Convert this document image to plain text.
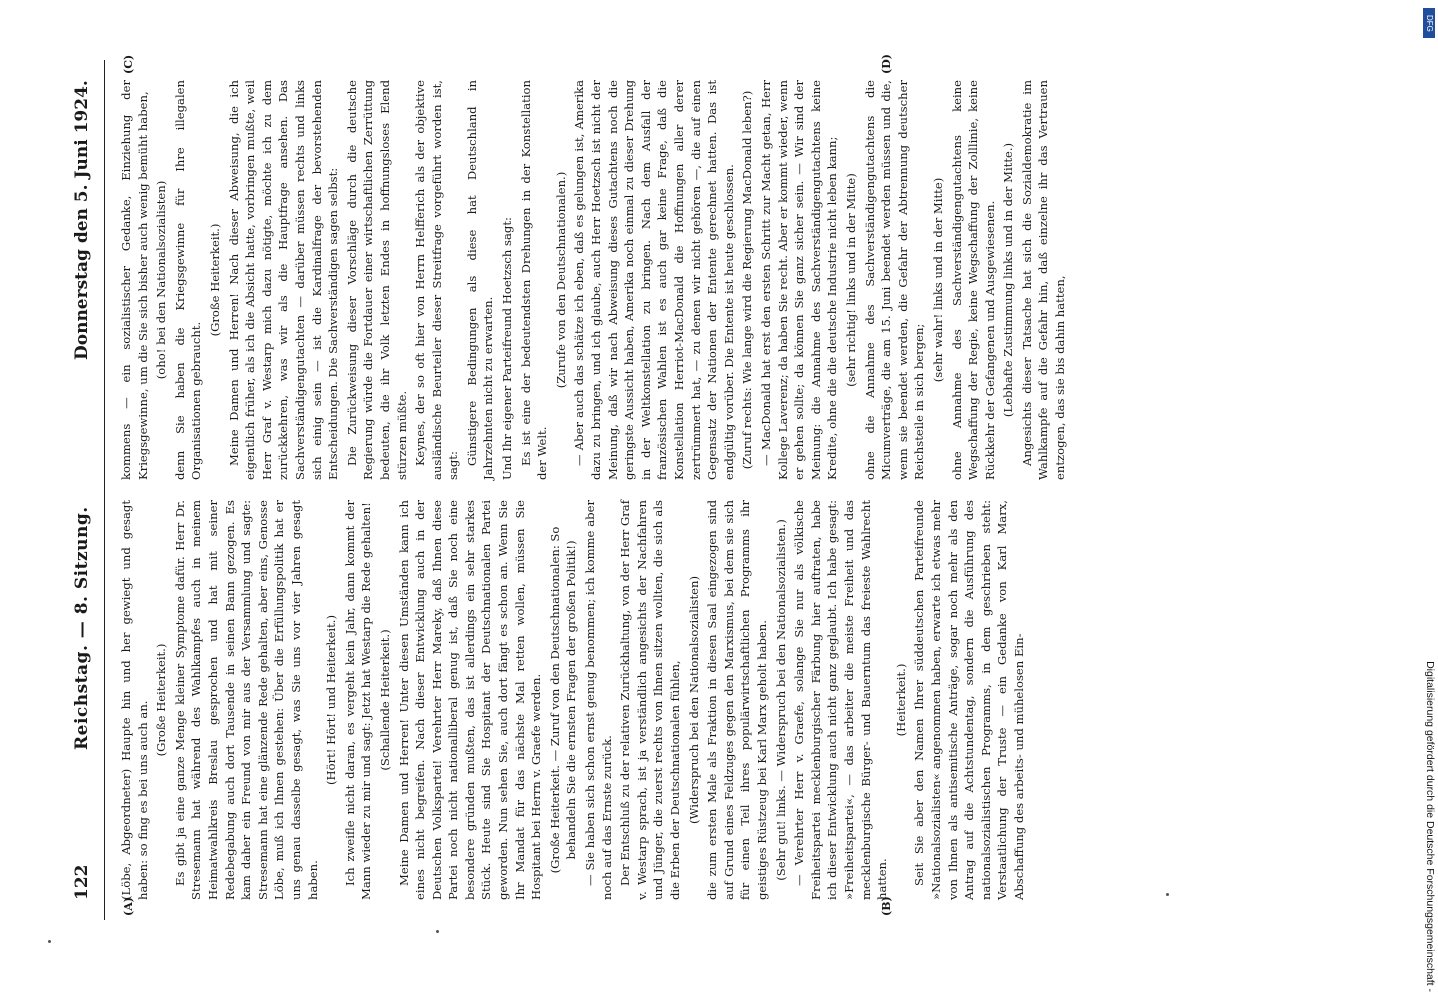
122
Reichstag. — 8. Sitzung.
Donnerstag den 5. Juni 1924.
(A)	(B)
(C)	(D)

(Löbe, Abgeordneter) Haupte hin und her gewiegt und gesagt haben: so fing es bei uns auch an.

(Große Heiterkeit.) Es gibt ja eine ganze Menge kleiner Symptome dafür. Herr Dr. Stresemann hat während des Wahlkampfes auch in meinem Heimatwahlkreis Breslau gesprochen und hat mit seiner Redebegabung auch dort Tausende in seinen Bann gezogen. Es kam daher ein Freund von mir aus der Versammlung und sagte: Stresemann hat eine glänzende Rede gehalten, aber eins, Genosse Löbe, muß ich Ihnen gestehen: Über die Erfüllungspolitik hat er uns genau dasselbe gesagt, was Sie uns vor vier Jahren gesagt haben.

(Hört! Hört! und Heiterkeit.) Ich zweifle nicht daran, es vergeht kein Jahr, dann kommt der Mann wieder zu mir und sagt: Jetzt hat Westarp die Rede gehalten! (Schallende Heiterkeit.) Meine Damen und Herren! Unter diesen Umständen kann ich eines nicht begreifen. Nach dieser Entwicklung auch in der Deutschen Volkspartei! Verehrter Herr Mareky, daß Ihnen diese Partei noch nicht nationalliberal genug ist, daß Sie noch eine besondere gründen mußten, das ist allerdings ein sehr starkes Stück. Heute sind Sie Hospitant der Deutschnationalen Partei geworden. Nun sehen Sie, auch dort fängt es schon an. Wenn Sie Ihr Mandat für das nächste Mal retten wollen, müssen Sie Hospitant bei Herrn v. Graefe werden. (Große Heiterkeit. — Zuruf von den Deutschnationalen: So behandeln Sie die ernsten Fragen der großen Politik!) — Sie haben sich schon ernst genug benommen; ich komme aber noch auf das Ernste zurück. Der Entschluß zu der relativen Zurückhaltung, von der Herr Graf v. Westarp sprach, ist ja verständlich angesichts der Nachfahren und Jünger, die zuerst rechts von Ihnen sitzen wollten, die sich als die Erben der Deutschnationalen fühlen, (Widerspruch bei den Nationalsozialisten) die zum ersten Male als Fraktion in diesen Saal eingezogen sind auf Grund eines Feldzuges gegen den Marxismus, bei dem sie sich für einen Teil ihres populärwirtschaftlichen Programms ihr geistiges Rüstzeug bei Karl Marx geholt haben. (Sehr gut! links. — Widerspruch bei den Nationalsozialisten.) — Verehrter Herr v. Graefe, solange Sie nur als völkische Freiheitspartei mecklenburgischer Färbung hier auftraten, habe ich dieser Entwicklung auch nicht ganz geglaubt. Ich habe gesagt: »Freiheitspartei«, — das arbeiter die meiste Freiheit und das mecklenburgische Bürger- und Bauerntum das freieste Wahlrecht hatten.

(Heiterkeit.) Seit Sie aber den Namen Ihrer süddeutschen Parteifreunde »Nationalsozialisten« angenommen haben, erwarte ich etwas mehr von Ihnen als antisemitische Anträge, sogar noch mehr als den Antrag auf die Achtstundentag, sondern die Ausführung des nationalsozialistischen Programms, in dem geschrieben steht: Verstaatlichung der Truste — ein Gedanke von Karl Marx, Abschaffung des arbeits- und mühelosen Ein-

kommens — ein sozialistischer Gedanke, Einziehung der Kriegsgewinne, um die Sie sich bisher auch wenig bemüht haben, (oho! bei den Nationalsozialisten) denn Sie haben die Kriegsgewinne für Ihre illegalen Organisationen gebraucht.

(Große Heiterkeit.) Meine Damen und Herren! Nach dieser Abweisung, die ich eigentlich früher, als ich die Absicht hatte, vorbringen mußte, weil Herr Graf v. Westarp mich dazu nötigte, möchte ich zu dem zurückkehren, was wir als die Hauptfrage ansehen. Das Sachverständigengutachten — darüber müssen rechts und links sich einig sein — ist die Kardinalfrage der bevorstehenden Entscheidungen. Die Sachverständigen sagen selbst: Die Zurückweisung dieser Vorschläge durch die deutsche Regierung würde die Fortdauer einer wirtschaftlichen Zerrüttung bedeuten, die ihr Volk letzten Endes in hoffnungsloses Elend stürzen müßte. Keynes, der so oft hier von Herrn Helfferich als der objektive ausländische Beurteiler dieser Streitfrage vorgeführt worden ist, sagt: Günstigere Bedingungen als diese hat Deutschland in Jahrzehnten nicht zu erwarten. Und Ihr eigener Parteifreund Hoetzsch sagt: Es ist eine der bedeutendsten Drehungen in der Konstellation der Welt.

(Zurufe von den Deutschnationalen.) — Aber auch das schätze ich eben, daß es gelungen ist, Amerika dazu zu bringen, und ich glaube, auch Herr Hoetzsch ist nicht der Meinung, daß wir nach Abweisung dieses Gutachtens noch die geringste Aussicht haben, Amerika noch einmal zu dieser Drehung in der Weltkonstellation zu bringen. Nach dem Ausfall der französischen Wahlen ist es auch gar keine Frage, daß die Konstellation Herriot-MacDonald die Hoffnungen aller derer zertrümmert hat, — zu denen wir nicht gehören —, die auf einen Gegensatz der Nationen der Entente gerechnet hatten. Das ist endgültig vorüber. Die Entente ist heute geschlossen. (Zuruf rechts: Wie lange wird die Regierung MacDonald leben?) — MacDonald hat erst den ersten Schritt zur Macht getan, Herr Kollege Laverenz; da haben Sie recht. Aber er kommt wieder, wenn er gehen sollte; da können Sie ganz sicher sein. — Wir sind der Meinung: die Annahme des Sachverständigengutachtens keine Kredite, ohne die die deutsche Industrie nicht leben kann; (sehr richtig! links und in der Mitte) ohne die Annahme des Sachverständigengutachtens die Micumverträge, die am 15. Juni beendet werden müssen und die, wenn sie beendet werden, die Gefahr der Abtrennung deutscher Reichsteile in sich bergen;

(sehr wahr! links und in der Mitte) ohne Annahme des Sachverständigengutachtens keine Wegschaffung der Regie, keine Wegschaffung der Zolllinie, keine Rückkehr der Gefangenen und Ausgewiesenen. (Lebhafte Zustimmung links und in der Mitte.) Angesichts dieser Tatsache hat sich die Sozialdemokratie im Wahlkampfe auf die Gefahr hin, daß einzelne ihr das Vertrauen entzogen, das sie bis dahin hatten,

Digitalisierung gefördert durch die Deutsche Forschungsgemeinschaft -
DFG
